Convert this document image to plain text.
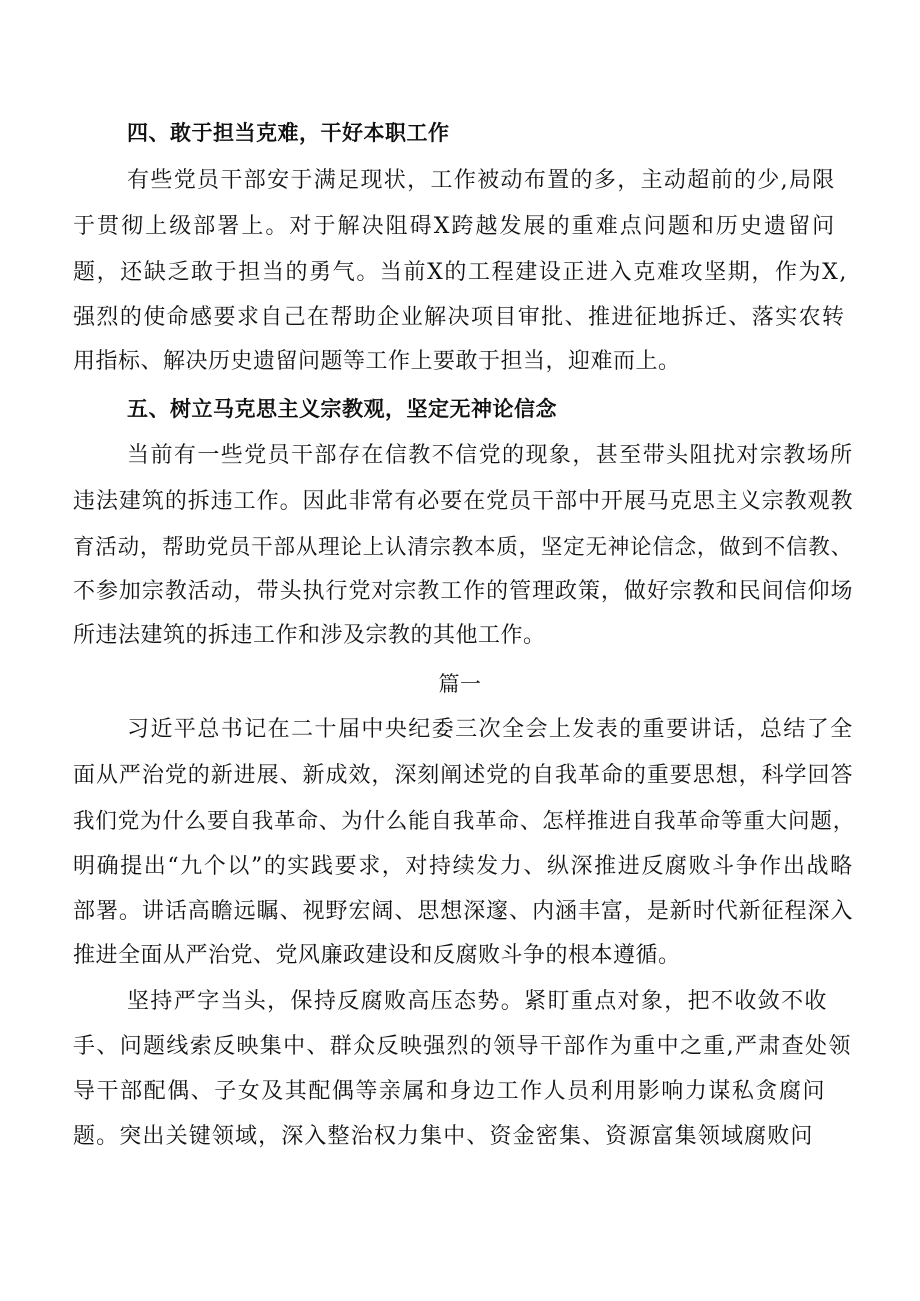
四、敢于担当克难，干好本职工作
有 些 党 员 干 部 安 于 满 足 现 状 ， 工 作 被 动 布 置 的 多 ， 主 动 超 前 的 少 , 局 限
于 贯 彻 上 级 部 署 上 。 对 于 解 决 阻 碍 X 跨 越 发 展 的 重 难 点 问 题 和 历 史 遗 留 问
题 ， 还 缺 乏 敢 于 担 当 的 勇 气 。 当 前 X 的 工 程 建 设 正 进 入 克 难 攻 坚 期 ， 作 为 X ,
强 烈 的 使 命 感 要 求 自 己 在 帮 助 企 业 解 决 项 目 审 批 、 推 进 征 地 拆 迁 、 落 实 农 转
用指标、解决历史遗留问题等工作上要敢于担当，迎难而上。
五、树立马克思主义宗教观，坚定无神论信念
当 前 有 一 些 党 员 干 部 存 在 信 教 不 信 党 的 现 象 ， 甚 至 带 头 阻 扰 对 宗 教 场 所
违 法 建 筑 的 拆 违 工 作 。 因 此 非 常 有 必 要 在 党 员 干 部 中 开 展 马 克 思 主 义 宗 教 观 教
育 活 动 ， 帮 助 党 员 干 部 从 理 论 上 认 清 宗 教 本 质 ， 坚 定 无 神 论 信 念 ， 做 到 不 信 教 、
不 参 加 宗 教 活 动 ， 带 头 执 行 党 对 宗 教 工 作 的 管 理 政 策 ， 做 好 宗 教 和 民 间 信 仰 场
所违法建筑的拆违工作和涉及宗教的其他工作。
篇一
习 近 平 总 书 记 在 二 十 届 中 央 纪 委 三 次 全 会 上 发 表 的 重 要 讲 话 ， 总 结 了 全
面 从 严 治 党 的 新 进 展 、 新 成 效 ， 深 刻 阐 述 党 的 自 我 革 命 的 重 要 思 想 ， 科 学 回 答
我 们 党 为 什 么 要 自 我 革 命 、 为 什 么 能 自 我 革 命 、 怎 样 推 进 自 我 革 命 等 重 大 问 题 ，
明 确 提 出 “ 九 个 以 ” 的 实 践 要 求 ， 对 持 续 发 力 、 纵 深 推 进 反 腐 败 斗 争 作 出 战 略
部 署 。 讲 话 高 瞻 远 瞩 、 视 野 宏 阔 、 思 想 深 邃 、 内 涵 丰 富 ， 是 新 时 代 新 征 程 深 入
推进全面从严治党、党风廉政建设和反腐败斗争的根本遵循。
坚 持 严 字 当 头 ， 保 持 反 腐 败 高 压 态 势 。 紧 盯 重 点 对 象 ， 把 不 收 敛 不 收
手 、 问 题 线 索 反 映 集 中 、 群 众 反 映 强 烈 的 领 导 干 部 作 为 重 中 之 重 , 严 肃 查 处 领
导 干 部 配 偶 、 子 女 及 其 配 偶 等 亲 属 和 身 边 工 作 人 员 利 用 影 响 力 谋 私 贪 腐 问
题 。 突 出 关 键 领 域 ， 深 入 整 治 权 力 集 中 、 资 金 密 集 、 资 源 富 集 领 域 腐 败 问
